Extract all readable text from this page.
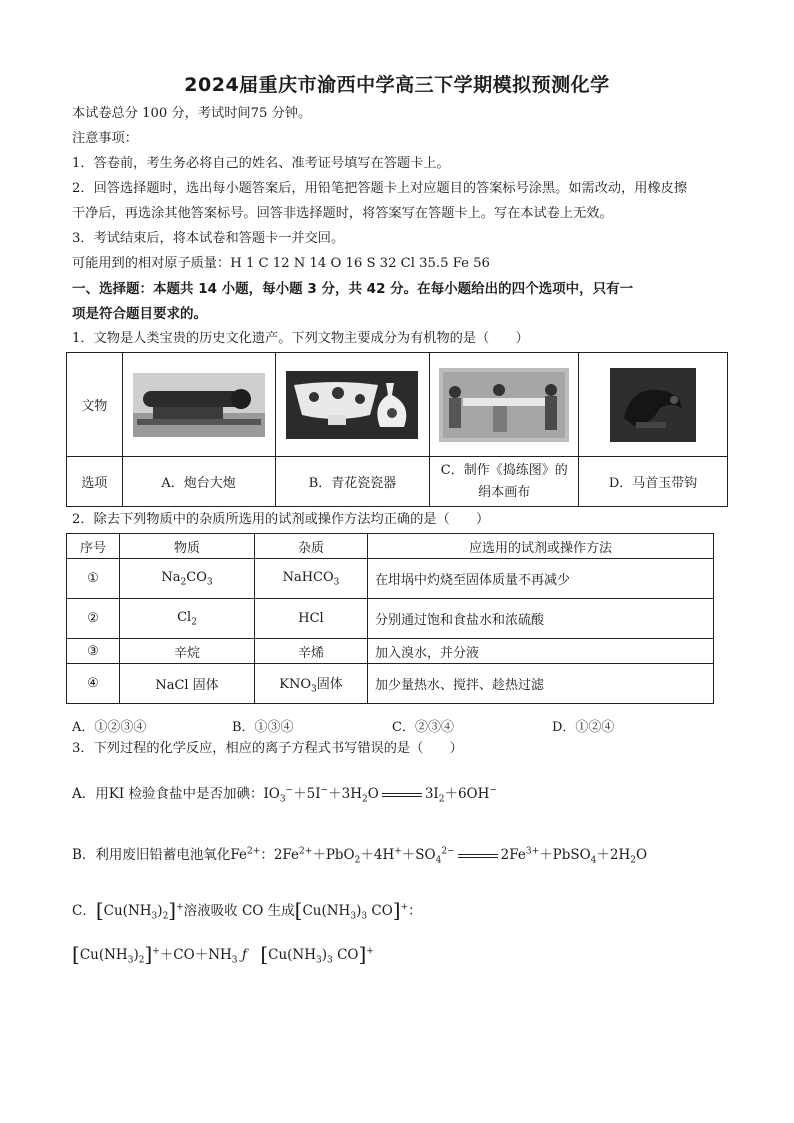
2024届重庆市渝西中学高三下学期模拟预测化学
本试卷总分 100 分，考试时间75 分钟。
注意事项：
1．答卷前，考生务必将自己的姓名、准考证号填写在答题卡上。
2．回答选择题时，选出每小题答案后，用铅笔把答题卡上对应题目的答案标号涂黑。如需改动，用橡皮擦
干净后，再选涂其他答案标号。回答非选择题时，将答案写在答题卡上。写在本试卷上无效。
3．考试结束后，将本试卷和答题卡一并交回。
可能用到的相对原子质量：H 1 C 12 N 14 O 16 S 32 Cl 35.5 Fe 56
一、选择题：本题共 14 小题，每小题 3 分，共 42 分。在每小题给出的四个选项中，只有一
项是符合题目要求的。
1．文物是人类宝贵的历史文化遗产。下列文物主要成分为有机物的是（　　）
文物	

选项	A．炮台大炮	B．青花瓷瓷器	C．制作《捣练图》的
绢本画布	D．马首玉带钩
2．除去下列物质中的杂质所选用的试剂或操作方法均正确的是（　　）
序号	物质	杂质	应选用的试剂或操作方法
①	$Na_2CO_3$	NaHCO$_3$	在坩埚中灼烧至固体质量不再减少
②	$Cl_2$	HCl	分别通过饱和食盐水和浓硫酸
③	辛烷	辛烯	加入溴水，并分液
④	NaCl 固体	$KNO_3$固体	加少量热水、搅拌、趁热过滤
A．①②③④	B．①③④	C．②③④	D．①②④
3．下列过程的化学反应，相应的离子方程式书写错误的是（　　）
A．用KI 检验食盐中是否加碘：$IO_3^-+5I^-+3H_2O$	$3I_2+6OH^-$
B．利用废旧铅蓄电池氧化$Fe^{2+}$：$2Fe^{2+}+PbO_2+4H^++SO_4^{2-}$	$2Fe^{3+}+PbSO_4+2H_2O$
C．$[Cu(NH_3)_2]^+$溶液吸收 CO 生成[$Cu(NH_3)_3$ CO]+：
$[Cu(NH_3)_2]^++CO+NH_3$ ƒ　 [$Cu(NH_3)_3$ CO]+
